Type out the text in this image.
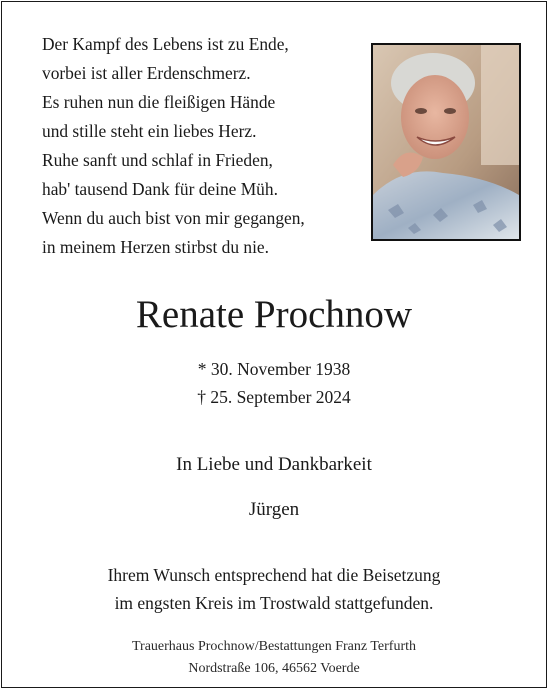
Der Kampf des Lebens ist zu Ende,
vorbei ist aller Erdenschmerz.
Es ruhen nun die fleißigen Hände
und stille steht ein liebes Herz.
Ruhe sanft und schlaf in Frieden,
hab' tausend Dank für deine Müh.
Wenn du auch bist von mir gegangen,
in meinem Herzen stirbst du nie.
Renate Prochnow
* 30. November 1938
† 25. September 2024
In Liebe und Dankbarkeit
Jürgen
Ihrem Wunsch entsprechend hat die Beisetzung
im engsten Kreis im Trostwald stattgefunden.
Trauerhaus Prochnow/Bestattungen Franz Terfurth
Nordstraße 106, 46562 Voerde
